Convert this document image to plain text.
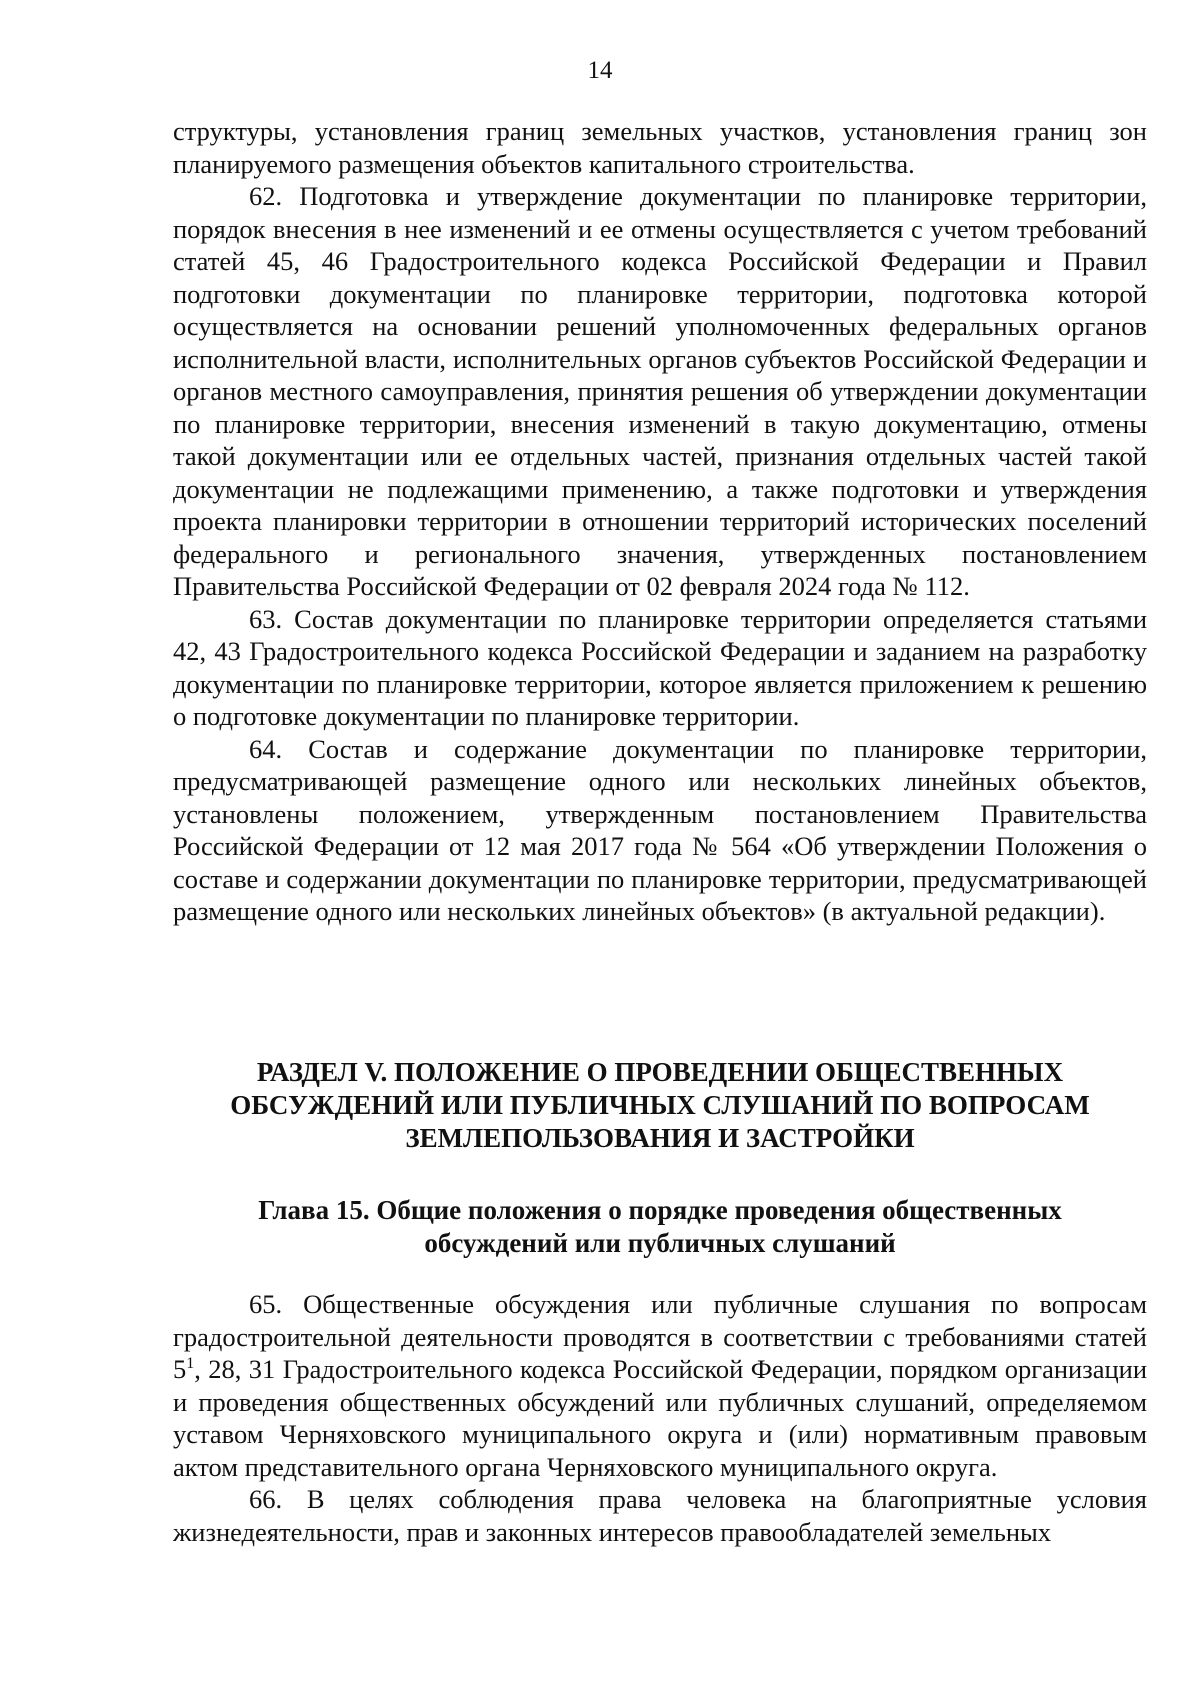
14

структуры, установления границ земельных участков, установления границ зон планируемого размещения объектов капитального строительства.

62. Подготовка и утверждение документации по планировке территории, порядок внесения в нее изменений и ее отмены осуществляется с учетом требований статей 45, 46 Градостроительного кодекса Российской Федерации и Правил подготовки документации по планировке территории, подготовка которой осуществляется на основании решений уполномоченных федеральных органов исполнительной власти, исполнительных органов субъектов Российской Федерации и органов местного самоуправления, принятия решения об утверждении документации по планировке территории, внесения изменений в такую документацию, отмены такой документации или ее отдельных частей, признания отдельных частей такой документации не подлежащими применению, а также подготовки и утверждения проекта планировки территории в отношении территорий исторических поселений федерального и регионального значения, утвержденных постановлением Правительства Российской Федерации от 02 февраля 2024 года № 112.

63. Состав документации по планировке территории определяется статьями 42, 43 Градостроительного кодекса Российской Федерации и заданием на разработку документации по планировке территории, которое является приложением к решению о подготовке документации по планировке территории.

64. Состав и содержание документации по планировке территории, предусматривающей размещение одного или нескольких линейных объектов, установлены положением, утвержденным постановлением Правительства Российской Федерации от 12 мая 2017 года № 564 «Об утверждении Положения о составе и содержании документации по планировке территории, предусматривающей размещение одного или нескольких линейных объектов» (в актуальной редакции).

РАЗДЕЛ V. ПОЛОЖЕНИЕ О ПРОВЕДЕНИИ ОБЩЕСТВЕННЫХ
ОБСУЖДЕНИЙ ИЛИ ПУБЛИЧНЫХ СЛУШАНИЙ ПО ВОПРОСАМ
ЗЕМЛЕПОЛЬЗОВАНИЯ И ЗАСТРОЙКИ
Глава 15. Общие положения о порядке проведения общественных
обсуждений или публичных слушаний

65. Общественные обсуждения или публичные слушания по вопросам градостроительной деятельности проводятся в соответствии с требованиями статей $5^1$, 28, 31 Градостроительного кодекса Российской Федерации, порядком организации и проведения общественных обсуждений или публичных слушаний, определяемом уставом Черняховского муниципального округа и (или) нормативным правовым актом представительного органа Черняховского муниципального округа.

66. В целях соблюдения права человека на благоприятные условия жизнедеятельности, прав и законных интересов правообладателей земельных
